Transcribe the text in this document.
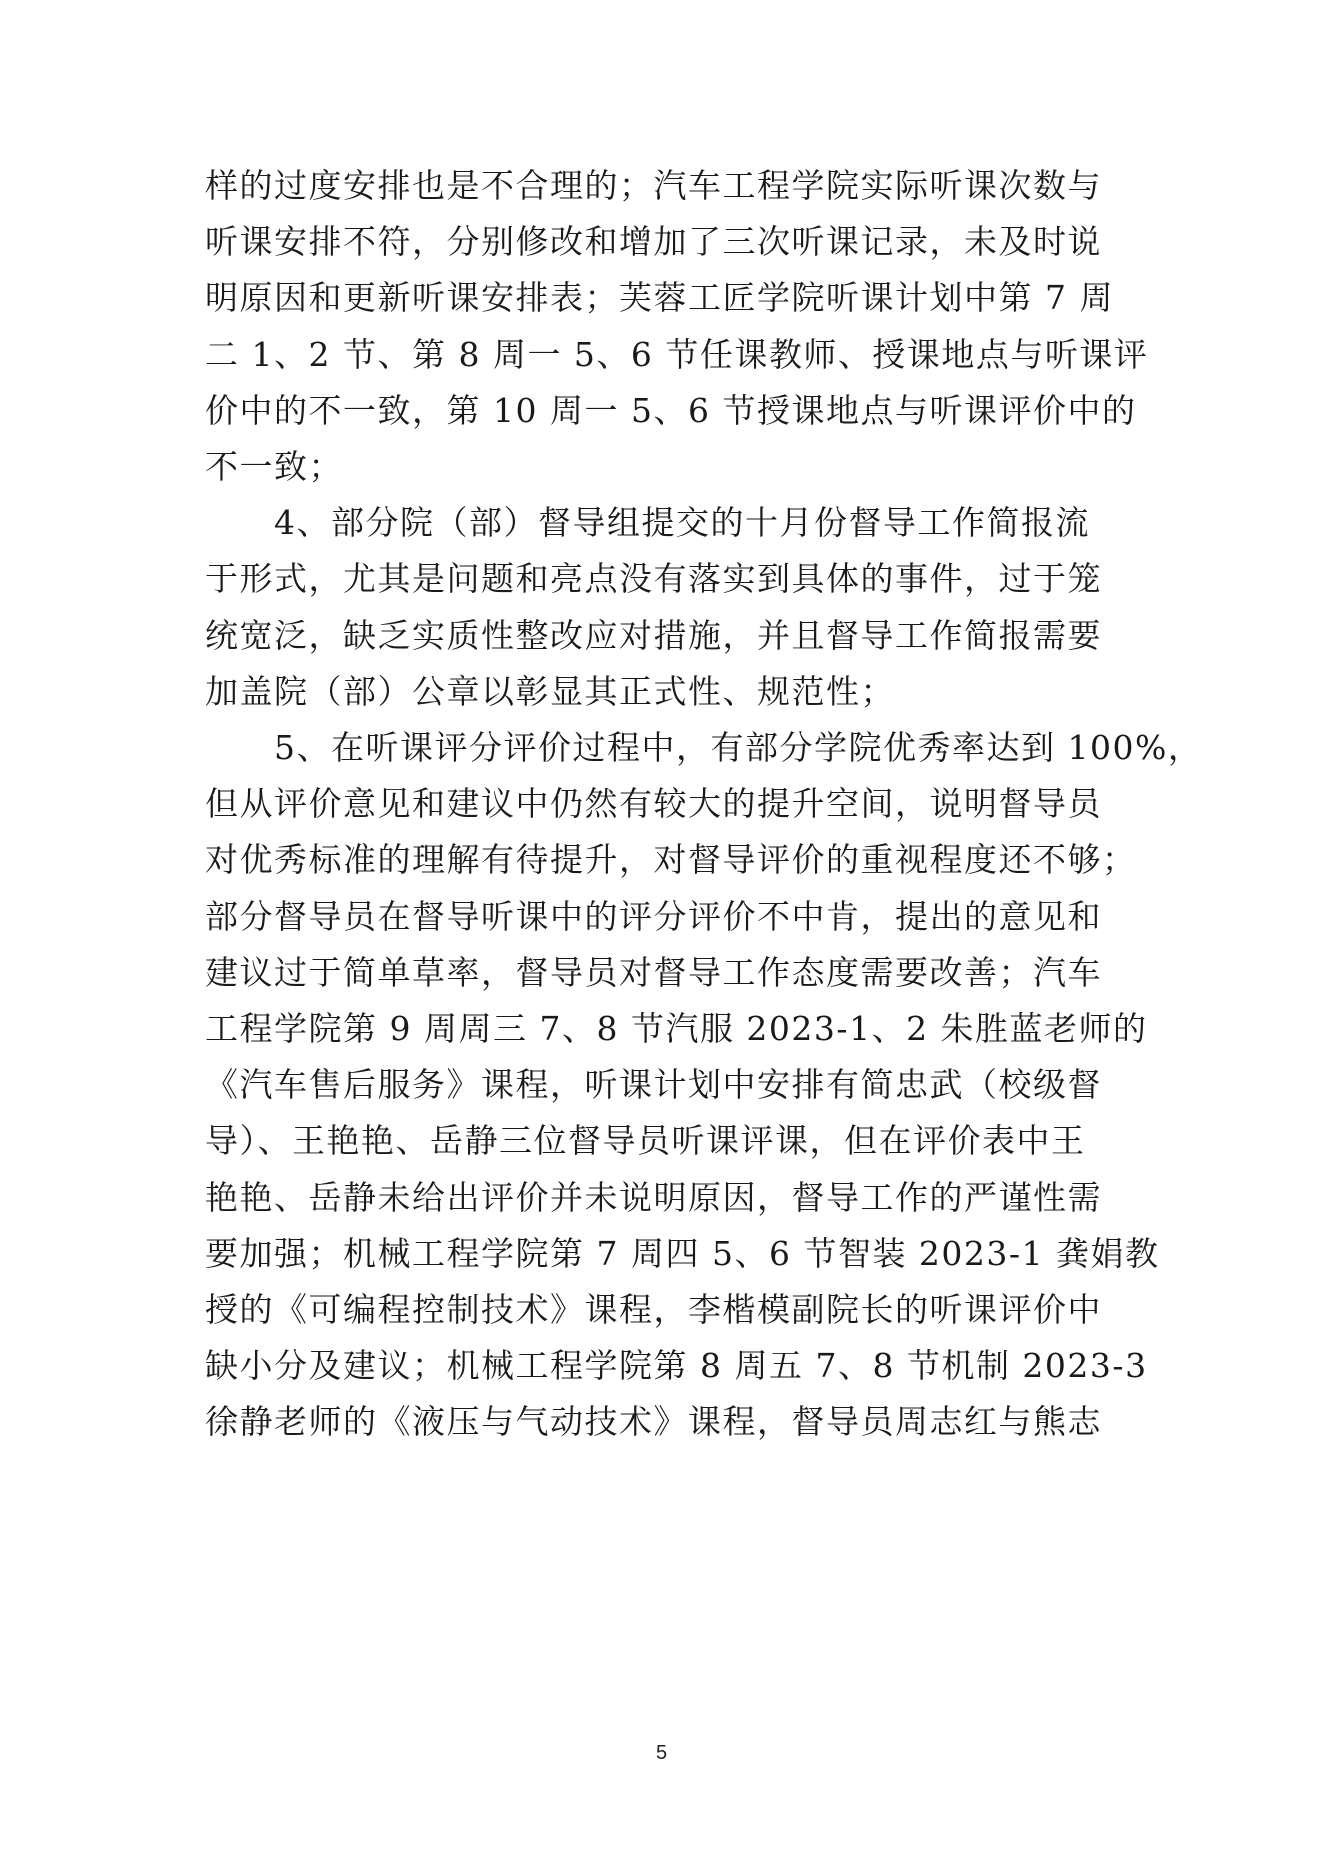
样的过度安排也是不合理的；汽车工程学院实际听课次数与
听课安排不符，分别修改和增加了三次听课记录，未及时说
明原因和更新听课安排表；芙蓉工匠学院听课计划中第 7 周
二 1、2 节、第 8 周一 5、6 节任课教师、授课地点与听课评
价中的不一致，第 10 周一 5、6 节授课地点与听课评价中的
不一致；
　　4、部分院（部）督导组提交的十月份督导工作简报流
于形式，尤其是问题和亮点没有落实到具体的事件，过于笼
统宽泛，缺乏实质性整改应对措施，并且督导工作简报需要
加盖院（部）公章以彰显其正式性、规范性；
　　5、在听课评分评价过程中，有部分学院优秀率达到 100%，
但从评价意见和建议中仍然有较大的提升空间，说明督导员
对优秀标准的理解有待提升，对督导评价的重视程度还不够；
部分督导员在督导听课中的评分评价不中肯，提出的意见和
建议过于简单草率，督导员对督导工作态度需要改善；汽车
工程学院第 9 周周三 7、8 节汽服 2023-1、2 朱胜蓝老师的
《汽车售后服务》课程，听课计划中安排有简忠武（校级督
导）、王艳艳、岳静三位督导员听课评课，但在评价表中王
艳艳、岳静未给出评价并未说明原因，督导工作的严谨性需
要加强；机械工程学院第 7 周四 5、6 节智装 2023-1 龚娟教
授的《可编程控制技术》课程，李楷模副院长的听课评价中
缺小分及建议；机械工程学院第 8 周五 7、8 节机制 2023-3
徐静老师的《液压与气动技术》课程，督导员周志红与熊志
5
